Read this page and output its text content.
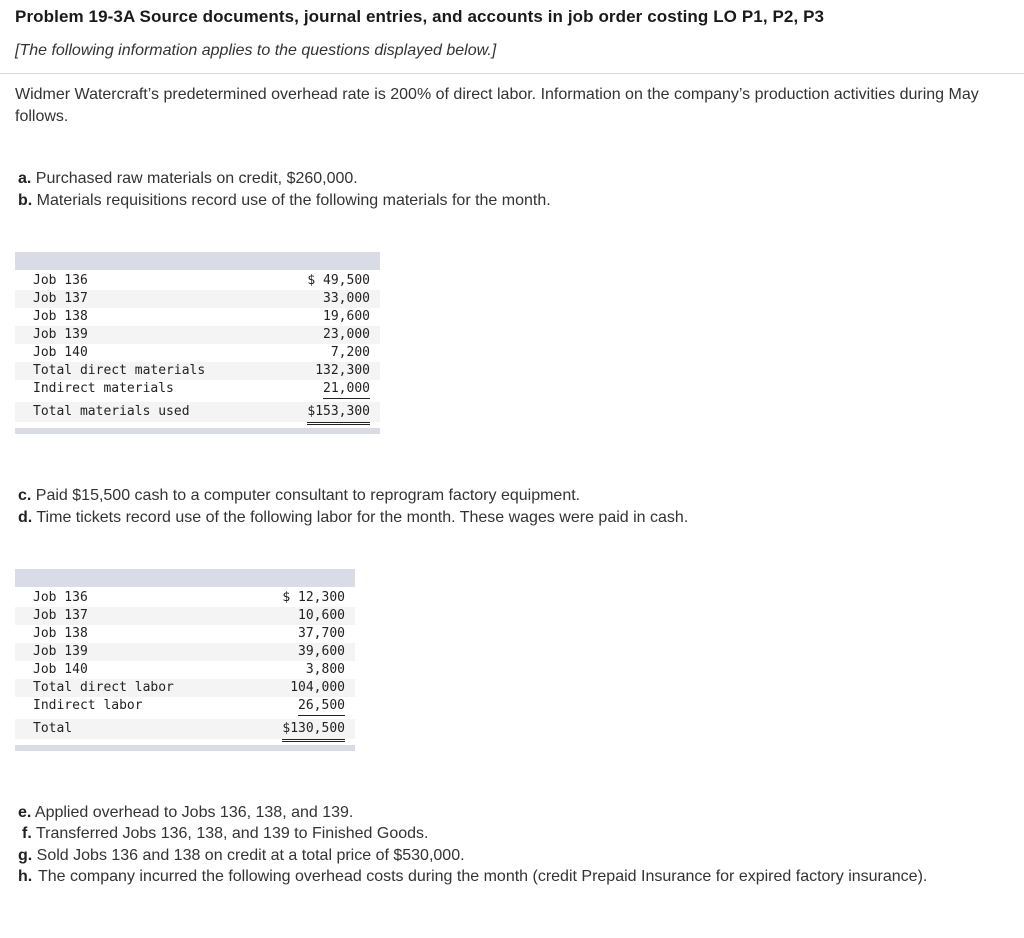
Problem 19-3A Source documents, journal entries, and accounts in job order costing LO P1, P2, P3
[The following information applies to the questions displayed below.]
Widmer Watercraft’s predetermined overhead rate is 200% of direct labor. Information on the company’s production activities during May follows.
a. Purchased raw materials on credit, $260,000.
b. Materials requisitions record use of the following materials for the month.
Job 136	$ 49,500
Job 137	33,000
Job 138	19,600
Job 139	23,000
Job 140	7,200
Total direct materials	132,300
Indirect materials	21,000
Total materials used	$153,300
c. Paid $15,500 cash to a computer consultant to reprogram factory equipment.
d. Time tickets record use of the following labor for the month. These wages were paid in cash.
Job 136	$ 12,300
Job 137	10,600
Job 138	37,700
Job 139	39,600
Job 140	3,800
Total direct labor	104,000
Indirect labor	26,500
Total	$130,500
e. Applied overhead to Jobs 136, 138, and 139.
f. Transferred Jobs 136, 138, and 139 to Finished Goods.
g. Sold Jobs 136 and 138 on credit at a total price of $530,000.
h. The company incurred the following overhead costs during the month (credit Prepaid Insurance for expired factory insurance).
